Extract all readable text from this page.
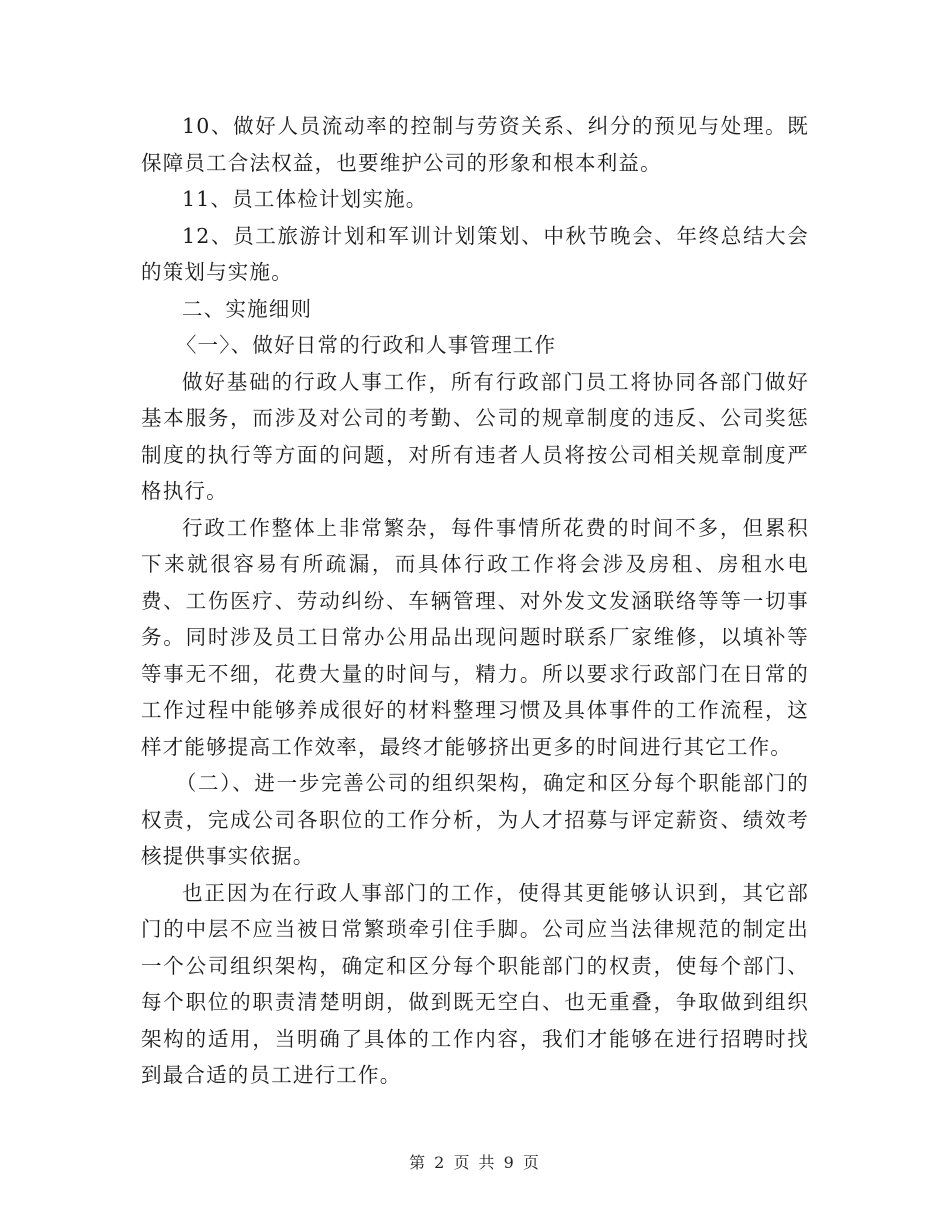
10、做好人员流动率的控制与劳资关系、纠分的预见与处理。既保障员工合法权益，也要维护公司的形象和根本利益。

11、员工体检计划实施。

12、员工旅游计划和军训计划策划、中秋节晚会、年终总结大会的策划与实施。

二、实施细则

〈一〉、做好日常的行政和人事管理工作

做好基础的行政人事工作，所有行政部门员工将协同各部门做好基本服务，而涉及对公司的考勤、公司的规章制度的违反、公司奖惩制度的执行等方面的问题，对所有违者人员将按公司相关规章制度严格执行。

行政工作整体上非常繁杂，每件事情所花费的时间不多，但累积下来就很容易有所疏漏，而具体行政工作将会涉及房租、房租水电费、工伤医疗、劳动纠纷、车辆管理、对外发文发涵联络等等一切事务。同时涉及员工日常办公用品出现问题时联系厂家维修，以填补等等事无不细，花费大量的时间与，精力。所以要求行政部门在日常的工作过程中能够养成很好的材料整理习惯及具体事件的工作流程，这样才能够提高工作效率，最终才能够挤出更多的时间进行其它工作。

（二）、进一步完善公司的组织架构，确定和区分每个职能部门的权责，完成公司各职位的工作分析，为人才招募与评定薪资、绩效考核提供事实依据。

也正因为在行政人事部门的工作，使得其更能够认识到，其它部门的中层不应当被日常繁琐牵引住手脚。公司应当法律规范的制定出一个公司组织架构，确定和区分每个职能部门的权责，使每个部门、每个职位的职责清楚明朗，做到既无空白、也无重叠，争取做到组织架构的适用，当明确了具体的工作内容，我们才能够在进行招聘时找到最合适的员工进行工作。

第 2 页 共 9 页
